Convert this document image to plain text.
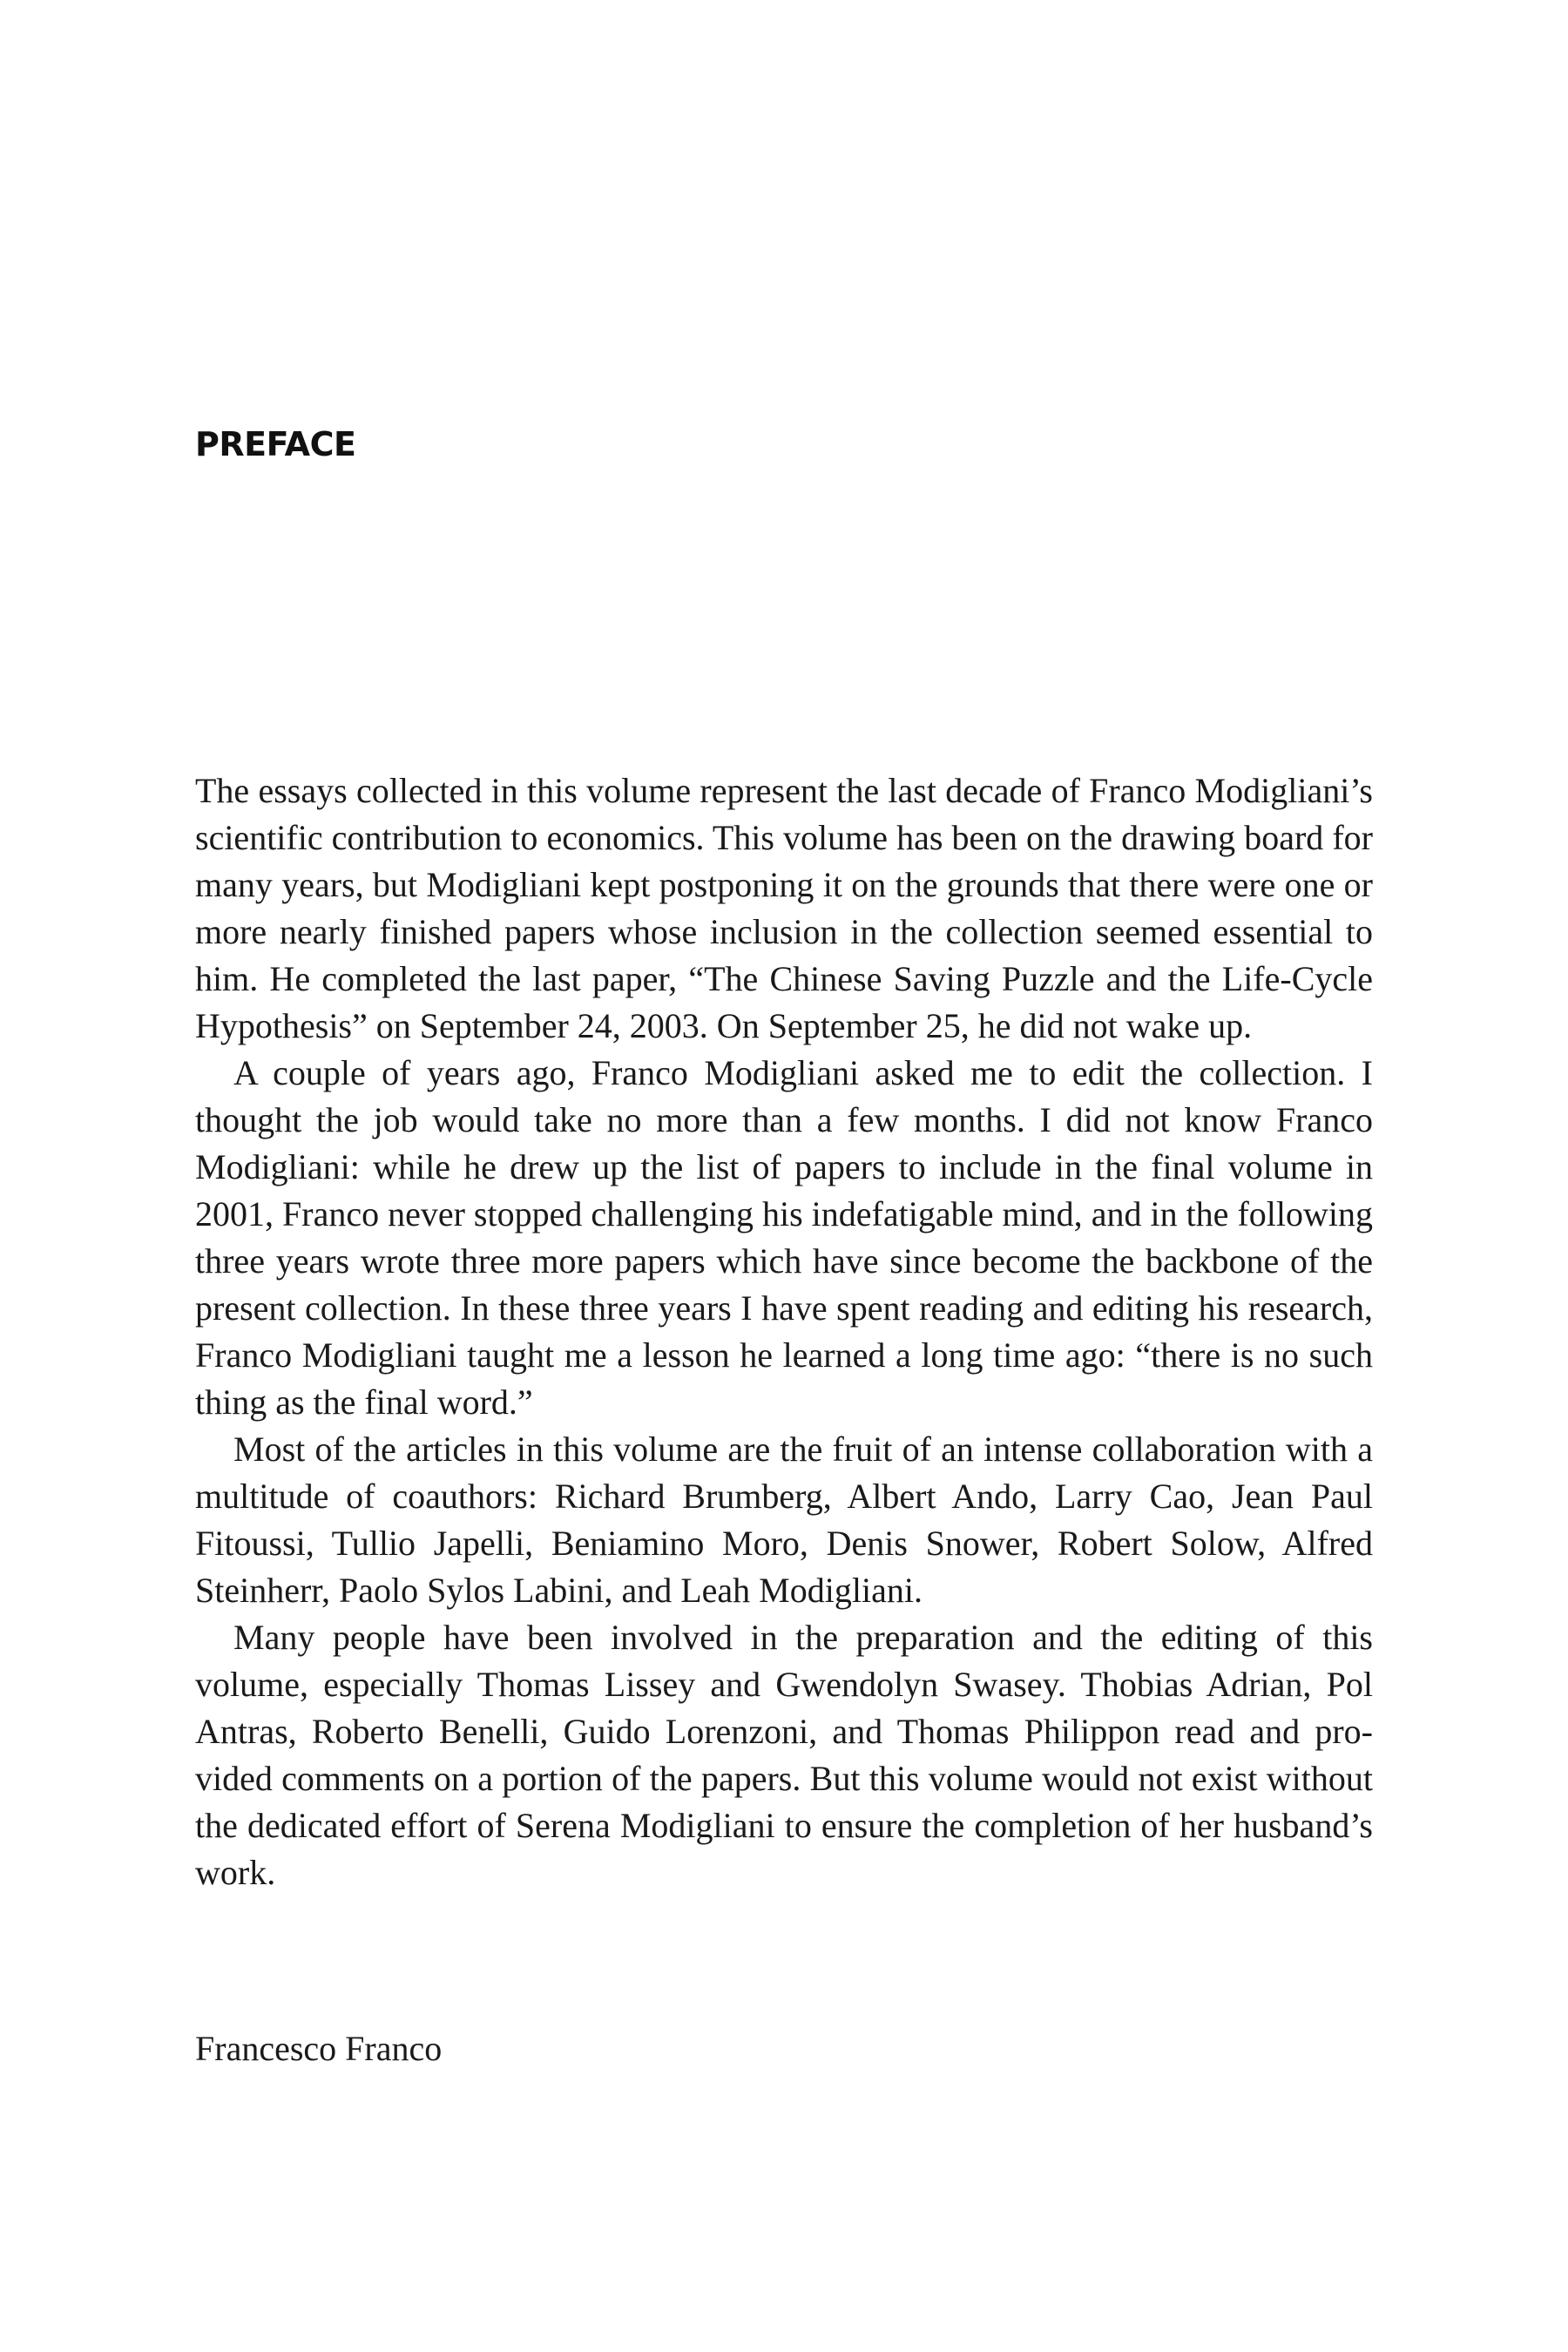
PREFACE

The essays collected in this volume represent the last decade of Franco Modigliani’s scientific contribution to economics. This volume has been on the drawing board for many years, but Modigliani kept postponing it on the grounds that there were one or more nearly finished papers whose inclusion in the collection seemed essential to him. He completed the last paper, “The Chinese Saving Puzzle and the Life-Cycle Hypothesis” on September 24, 2003. On September 25, he did not wake up.

A couple of years ago, Franco Modigliani asked me to edit the collection. I thought the job would take no more than a few months. I did not know Franco Modigliani: while he drew up the list of papers to include in the final volume in 2001, Franco never stopped challenging his indefatigable mind, and in the following three years wrote three more papers which have since become the backbone of the present collection. In these three years I have spent reading and editing his research, Franco Modigliani taught me a lesson he learned a long time ago: “there is no such thing as the final word.”

Most of the articles in this volume are the fruit of an intense collaboration with a multitude of coauthors: Richard Brumberg, Albert Ando, Larry Cao, Jean Paul Fitoussi, Tullio Japelli, Beniamino Moro, Denis Snower, Robert Solow, Alfred Steinherr, Paolo Sylos Labini, and Leah Modigliani.

Many people have been involved in the preparation and the editing of this volume, especially Thomas Lissey and Gwendolyn Swasey. Thobias Adrian, Pol Antras, Roberto Benelli, Guido Lorenzoni, and Thomas Philippon read and provided comments on a portion of the papers. But this volume would not exist without the dedicated effort of Serena Modigliani to ensure the completion of her husband’s work.

Francesco Franco
